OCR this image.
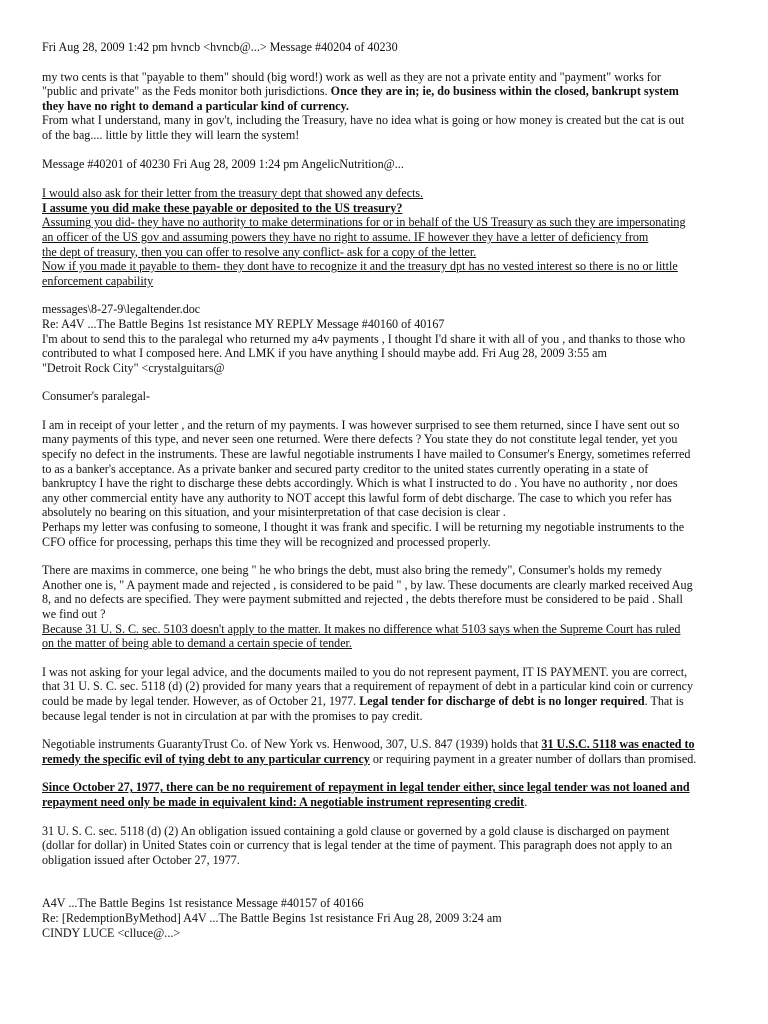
Fri Aug 28, 2009 1:42 pm hvncb <hvncb@...> Message #40204 of 40230
my two cents is that "payable to them" should (big word!) work as well as they are not a private entity and "payment" works for
"public and private" as the Feds monitor both jurisdictions. Once they are in; ie, do business within the closed, bankrupt system
they have no right to demand a particular kind of currency.
From what I understand, many in gov't, including the Treasury, have no idea what is going or how money is created but the cat is out
of the bag.... little by little they will learn the system!
Message #40201 of 40230 Fri Aug 28, 2009 1:24 pm AngelicNutrition@...
I would also ask for their letter from the treasury dept that showed any defects.
I assume you did make these payable or deposited to the US treasury?
Assuming you did- they have no authority to make determinations for or in behalf of the US Treasury as such they are impersonating
an officer of the US gov and assuming powers they have no right to assume. IF however they have a letter of deficiency from
the dept of treasury, then you can offer to resolve any conflict- ask for a copy of the letter.
Now if you made it payable to them- they dont have to recognize it and the treasury dpt has no vested interest so there is no or little
enforcement capability
messages\8-27-9\legaltender.doc
Re: A4V ...The Battle Begins 1st resistance MY REPLY Message #40160 of 40167
I'm about to send this to the paralegal who returned my a4v payments , I thought I'd share it with all of you , and thanks to those who
contributed to what I composed here. And LMK if you have anything I should maybe add. Fri Aug 28, 2009 3:55 am
"Detroit Rock City" <crystalguitars@
Consumer's paralegal-
I am in receipt of your letter , and the return of my payments. I was however surprised to see them returned, since I have sent out so
many payments of this type, and never seen one returned. Were there defects ? You state they do not constitute legal tender, yet you
specify no defect in the instruments. These are lawful negotiable instruments I have mailed to Consumer's Energy, sometimes referred
to as a banker's acceptance. As a private banker and secured party creditor to the united states currently operating in a state of
bankruptcy I have the right to discharge these debts accordingly. Which is what I instructed to do . You have no authority , nor does
any other commercial entity have any authority to NOT accept this lawful form of debt discharge. The case to which you refer has
absolutely no bearing on this situation, and your misinterpretation of that case decision is clear .
Perhaps my letter was confusing to someone, I thought it was frank and specific. I will be returning my negotiable instruments to the
CFO office for processing, perhaps this time they will be recognized and processed properly.
There are maxims in commerce, one being " he who brings the debt, must also bring the remedy", Consumer's holds my remedy
Another one is, " A payment made and rejected , is considered to be paid " , by law. These documents are clearly marked received Aug
8, and no defects are specified. They were payment submitted and rejected , the debts therefore must be considered to be paid . Shall
we find out ?
Because 31 U. S. C. sec. 5103 doesn't apply to the matter. It makes no difference what 5103 says when the Supreme Court has ruled
on the matter of being able to demand a certain specie of tender.
I was not asking for your legal advice, and the documents mailed to you do not represent payment, IT IS PAYMENT. you are correct,
that 31 U. S. C. sec. 5118 (d) (2) provided for many years that a requirement of repayment of debt in a particular kind coin or currency
could be made by legal tender. However, as of October 21, 1977. Legal tender for discharge of debt is no longer required. That is
because legal tender is not in circulation at par with the promises to pay credit.
Negotiable instruments GuarantyTrust Co. of New York vs. Henwood, 307, U.S. 847 (1939) holds that 31 U.S.C. 5118 was enacted to
remedy the specific evil of tying debt to any particular currency or requiring payment in a greater number of dollars than promised.
Since October 27, 1977, there can be no requirement of repayment in legal tender either, since legal tender was not loaned and
repayment need only be made in equivalent kind: A negotiable instrument representing credit.
31 U. S. C. sec. 5118 (d) (2) An obligation issued containing a gold clause or governed by a gold clause is discharged on payment
(dollar for dollar) in United States coin or currency that is legal tender at the time of payment. This paragraph does not apply to an
obligation issued after October 27, 1977.
A4V ...The Battle Begins 1st resistance Message #40157 of 40166
Re: [RedemptionByMethod] A4V ...The Battle Begins 1st resistance Fri Aug 28, 2009 3:24 am
CINDY LUCE <clluce@...>
